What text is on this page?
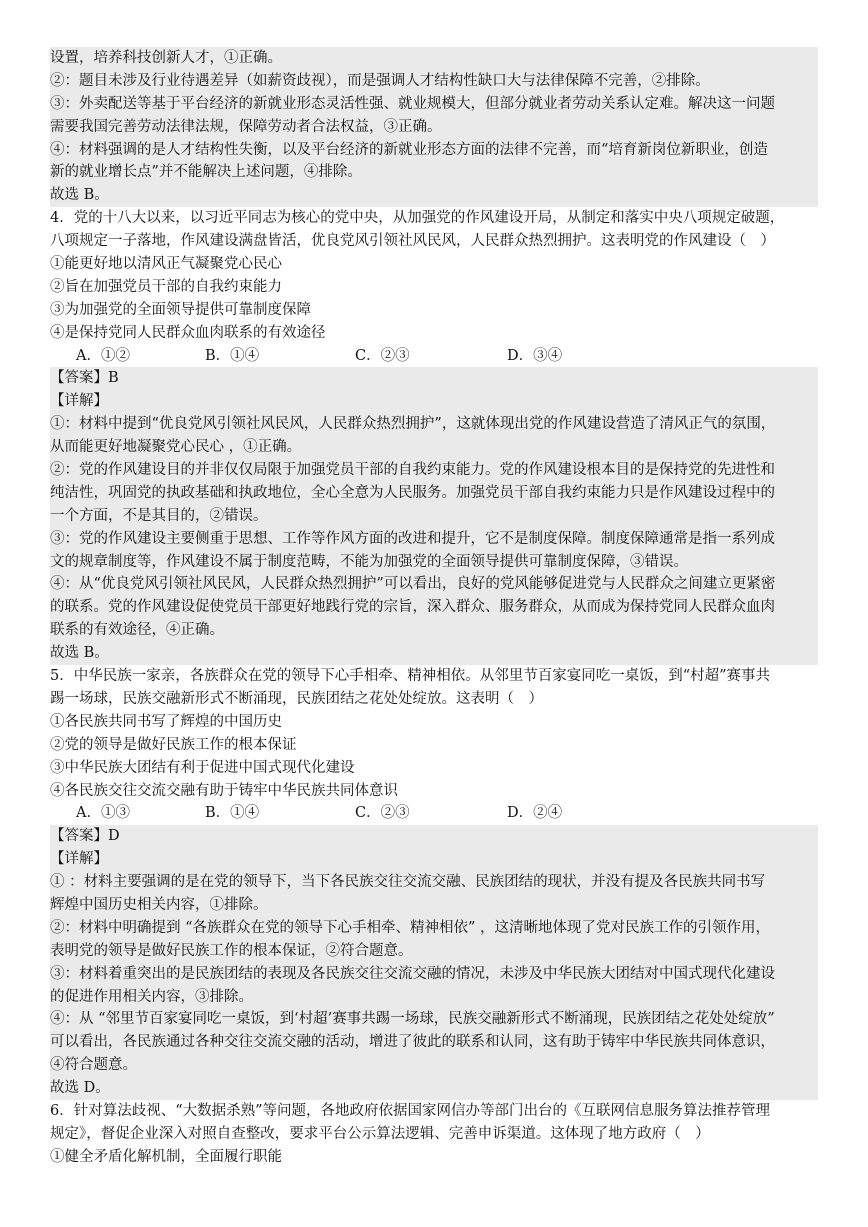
设置，培养科技创新人才，①正确。
②：题目未涉及行业待遇差异（如薪资歧视），而是强调人才结构性缺口大与法律保障不完善，②排除。
③：外卖配送等基于平台经济的新就业形态灵活性强、就业规模大，但部分就业者劳动关系认定难。解决这一问题
需要我国完善劳动法律法规，保障劳动者合法权益，③正确。
④：材料强调的是人才结构性失衡，以及平台经济的新就业形态方面的法律不完善，而“培育新岗位新职业，创造
新的就业增长点”并不能解决上述问题，④排除。
故选 B。
4．党的十八大以来，以习近平同志为核心的党中央，从加强党的作风建设开局，从制定和落实中央八项规定破题，
八项规定一子落地，作风建设满盘皆活，优良党风引领社风民风，人民群众热烈拥护。这表明党的作风建设（　）
①能更好地以清风正气凝聚党心民心
②旨在加强党员干部的自我约束能力
③为加强党的全面领导提供可靠制度保障
④是保持党同人民群众血肉联系的有效途径
A．①②	B．①④	C．②③	D．③④
【答案】B
【详解】
①：材料中提到“优良党风引领社风民风，人民群众热烈拥护”，这就体现出党的作风建设营造了清风正气的氛围，
从而能更好地凝聚党心民心 ，①正确。
②：党的作风建设目的并非仅仅局限于加强党员干部的自我约束能力。党的作风建设根本目的是保持党的先进性和
纯洁性，巩固党的执政基础和执政地位，全心全意为人民服务。加强党员干部自我约束能力只是作风建设过程中的
一个方面，不是其目的，②错误。
③：党的作风建设主要侧重于思想、工作等作风方面的改进和提升，它不是制度保障。制度保障通常是指一系列成
文的规章制度等，作风建设不属于制度范畴，不能为加强党的全面领导提供可靠制度保障，③错误。
④：从“优良党风引领社风民风，人民群众热烈拥护”可以看出，良好的党风能够促进党与人民群众之间建立更紧密
的联系。党的作风建设促使党员干部更好地践行党的宗旨，深入群众、服务群众，从而成为保持党同人民群众血肉
联系的有效途径，④正确。
故选 B。
5．中华民族一家亲，各族群众在党的领导下心手相牵、精神相依。从邻里节百家宴同吃一桌饭，到“村超”赛事共
踢一场球，民族交融新形式不断涌现，民族团结之花处处绽放。这表明（　）
①各民族共同书写了辉煌的中国历史
②党的领导是做好民族工作的根本保证
③中华民族大团结有利于促进中国式现代化建设
④各民族交往交流交融有助于铸牢中华民族共同体意识
A．①③	B．①④	C．②③	D．②④
【答案】D
【详解】
① ：材料主要强调的是在党的领导下，当下各民族交往交流交融、民族团结的现状，并没有提及各民族共同书写
辉煌中国历史相关内容，①排除。
②：材料中明确提到 “各族群众在党的领导下心手相牵、精神相依” ，这清晰地体现了党对民族工作的引领作用，
表明党的领导是做好民族工作的根本保证，②符合题意。
③：材料着重突出的是民族团结的表现及各民族交往交流交融的情况，未涉及中华民族大团结对中国式现代化建设
的促进作用相关内容，③排除。
④：从 “邻里节百家宴同吃一桌饭，到‘村超’赛事共踢一场球，民族交融新形式不断涌现，民族团结之花处处绽放”
可以看出，各民族通过各种交往交流交融的活动，增进了彼此的联系和认同，这有助于铸牢中华民族共同体意识，
④符合题意。
故选 D。
6．针对算法歧视、“大数据杀熟”等问题，各地政府依据国家网信办等部门出台的《互联网信息服务算法推荐管理
规定》，督促企业深入对照自查整改，要求平台公示算法逻辑、完善申诉渠道。这体现了地方政府（　）
①健全矛盾化解机制，全面履行职能
